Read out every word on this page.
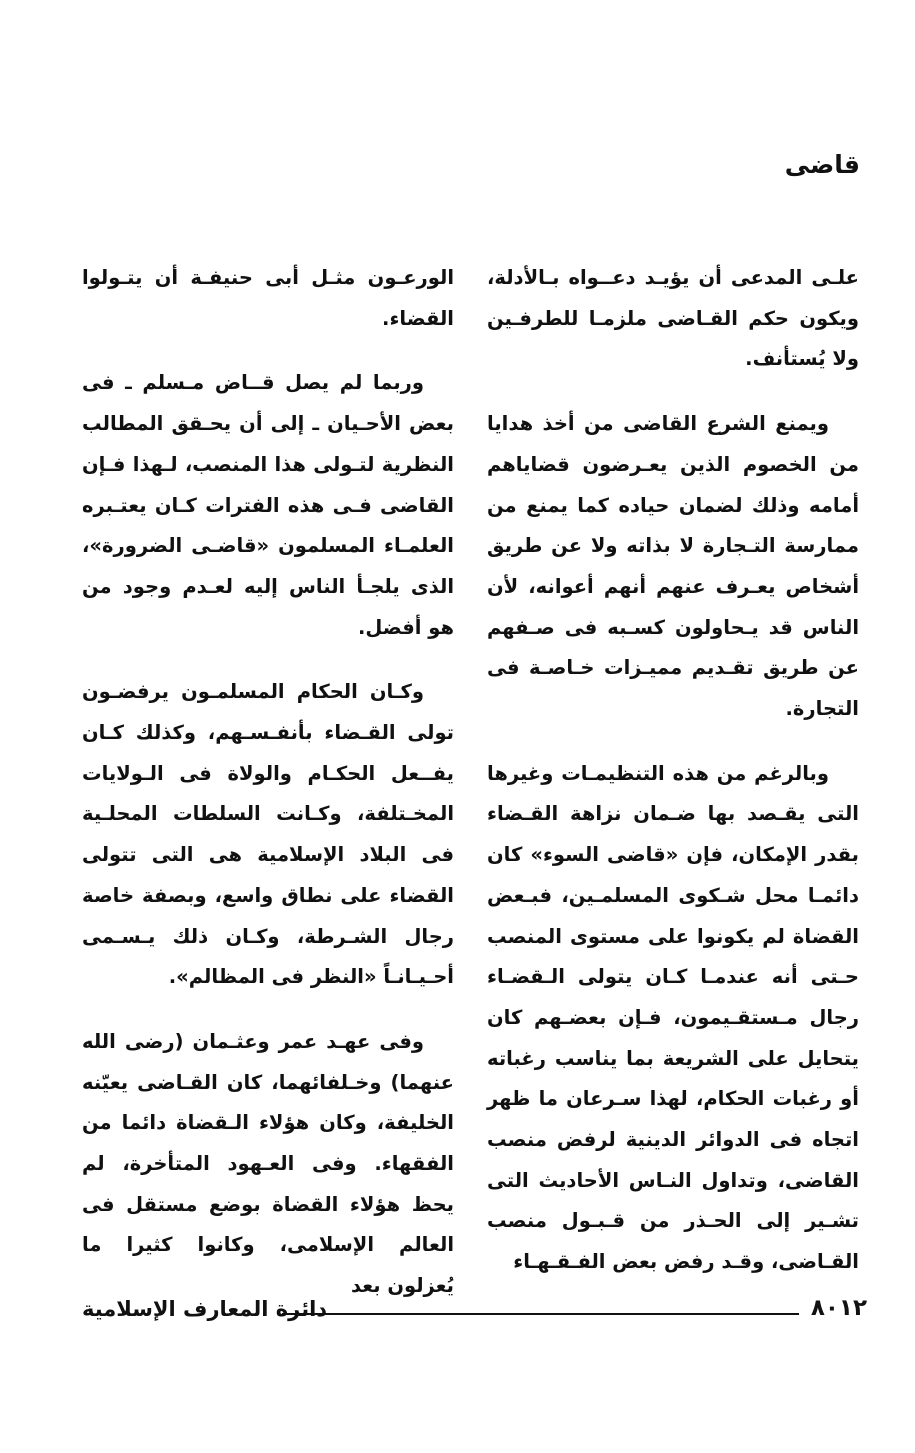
قاضى

علـى المدعى أن يؤيـد دعــواه بـالأدلة، ويكون حكم القـاضى ملزمـا للطرفـين ولا يُستأنف.

ويمنع الشرع القاضى من أخذ هدايا من الخصوم الذين يعـرضون قضاياهم أمامه وذلك لضمان حياده كما يمنع من ممارسة التـجارة لا بذاته ولا عن طريق أشخاص يعـرف عنهم أنهم أعوانه، لأن الناس قد يـحاولون كسـبه فى صـفهم عن طريق تقـديم مميـزات خـاصـة فى التجارة.

وبالرغم من هذه التنظيمـات وغيرها التى يقـصد بها ضـمان نزاهة القـضاء بقدر الإمكان، فإن «قاضى السوء» كان دائمـا محل شـكوى المسلمـين، فبـعض القضاة لم يكونوا على مستوى المنصب حـتى أنه عندمـا كـان يتولى الـقضـاء رجال مـستقـيمون، فـإن بعضـهم كان يتحايل على الشريعة بما يناسب رغباته أو رغبات الحكام، لهذا سـرعان ما ظهر اتجاه فى الدوائر الدينية لرفض منصب القاضى، وتداول النـاس الأحاديث التى تشـير إلى الحـذر من قـبـول منصب القـاضى، وقـد رفض بعض الفـقـهـاء

الورعـون مثـل أبى حنيفـة أن يتـولوا القضاء.

وربما لم يصل قــاض مـسلم ـ فى بعض الأحـيان ـ إلى أن يحـقق المطالب النظرية لتـولى هذا المنصب، لـهذا فـإن القاضى فـى هذه الفترات كـان يعتـبره العلمـاء المسلمون «قاضـى الضرورة»، الذى يلجـأ الناس إليه لعـدم وجود من هو أفضل.

وكـان الحكام المسلمـون يرفضـون تولى القـضاء بأنفـسـهم، وكذلك كـان يفــعل الحكـام والولاة فى الـولايات المخـتلفة، وكـانت السلطات المحلـية فى البلاد الإسلامية هى التى تتولى القضاء على نطاق واسع، وبصفة خاصة رجال الشـرطة، وكـان ذلك يـسـمى أحـيـانـاً «النظر فى المظالم».

وفى عهـد عمر وعثـمان (رضى الله عنهما) وخـلفائهما، كان القـاضى يعيّنه الخليفة، وكان هؤلاء الـقضاة دائما من الفقهاء. وفى العـهود المتأخرة، لم يحظ هؤلاء القضاة بوضع مستقل فى العالم الإسلامى، وكانوا كثيرا ما يُعزلون بعد

٨٠١٢
دائرة المعارف الإسلامية
